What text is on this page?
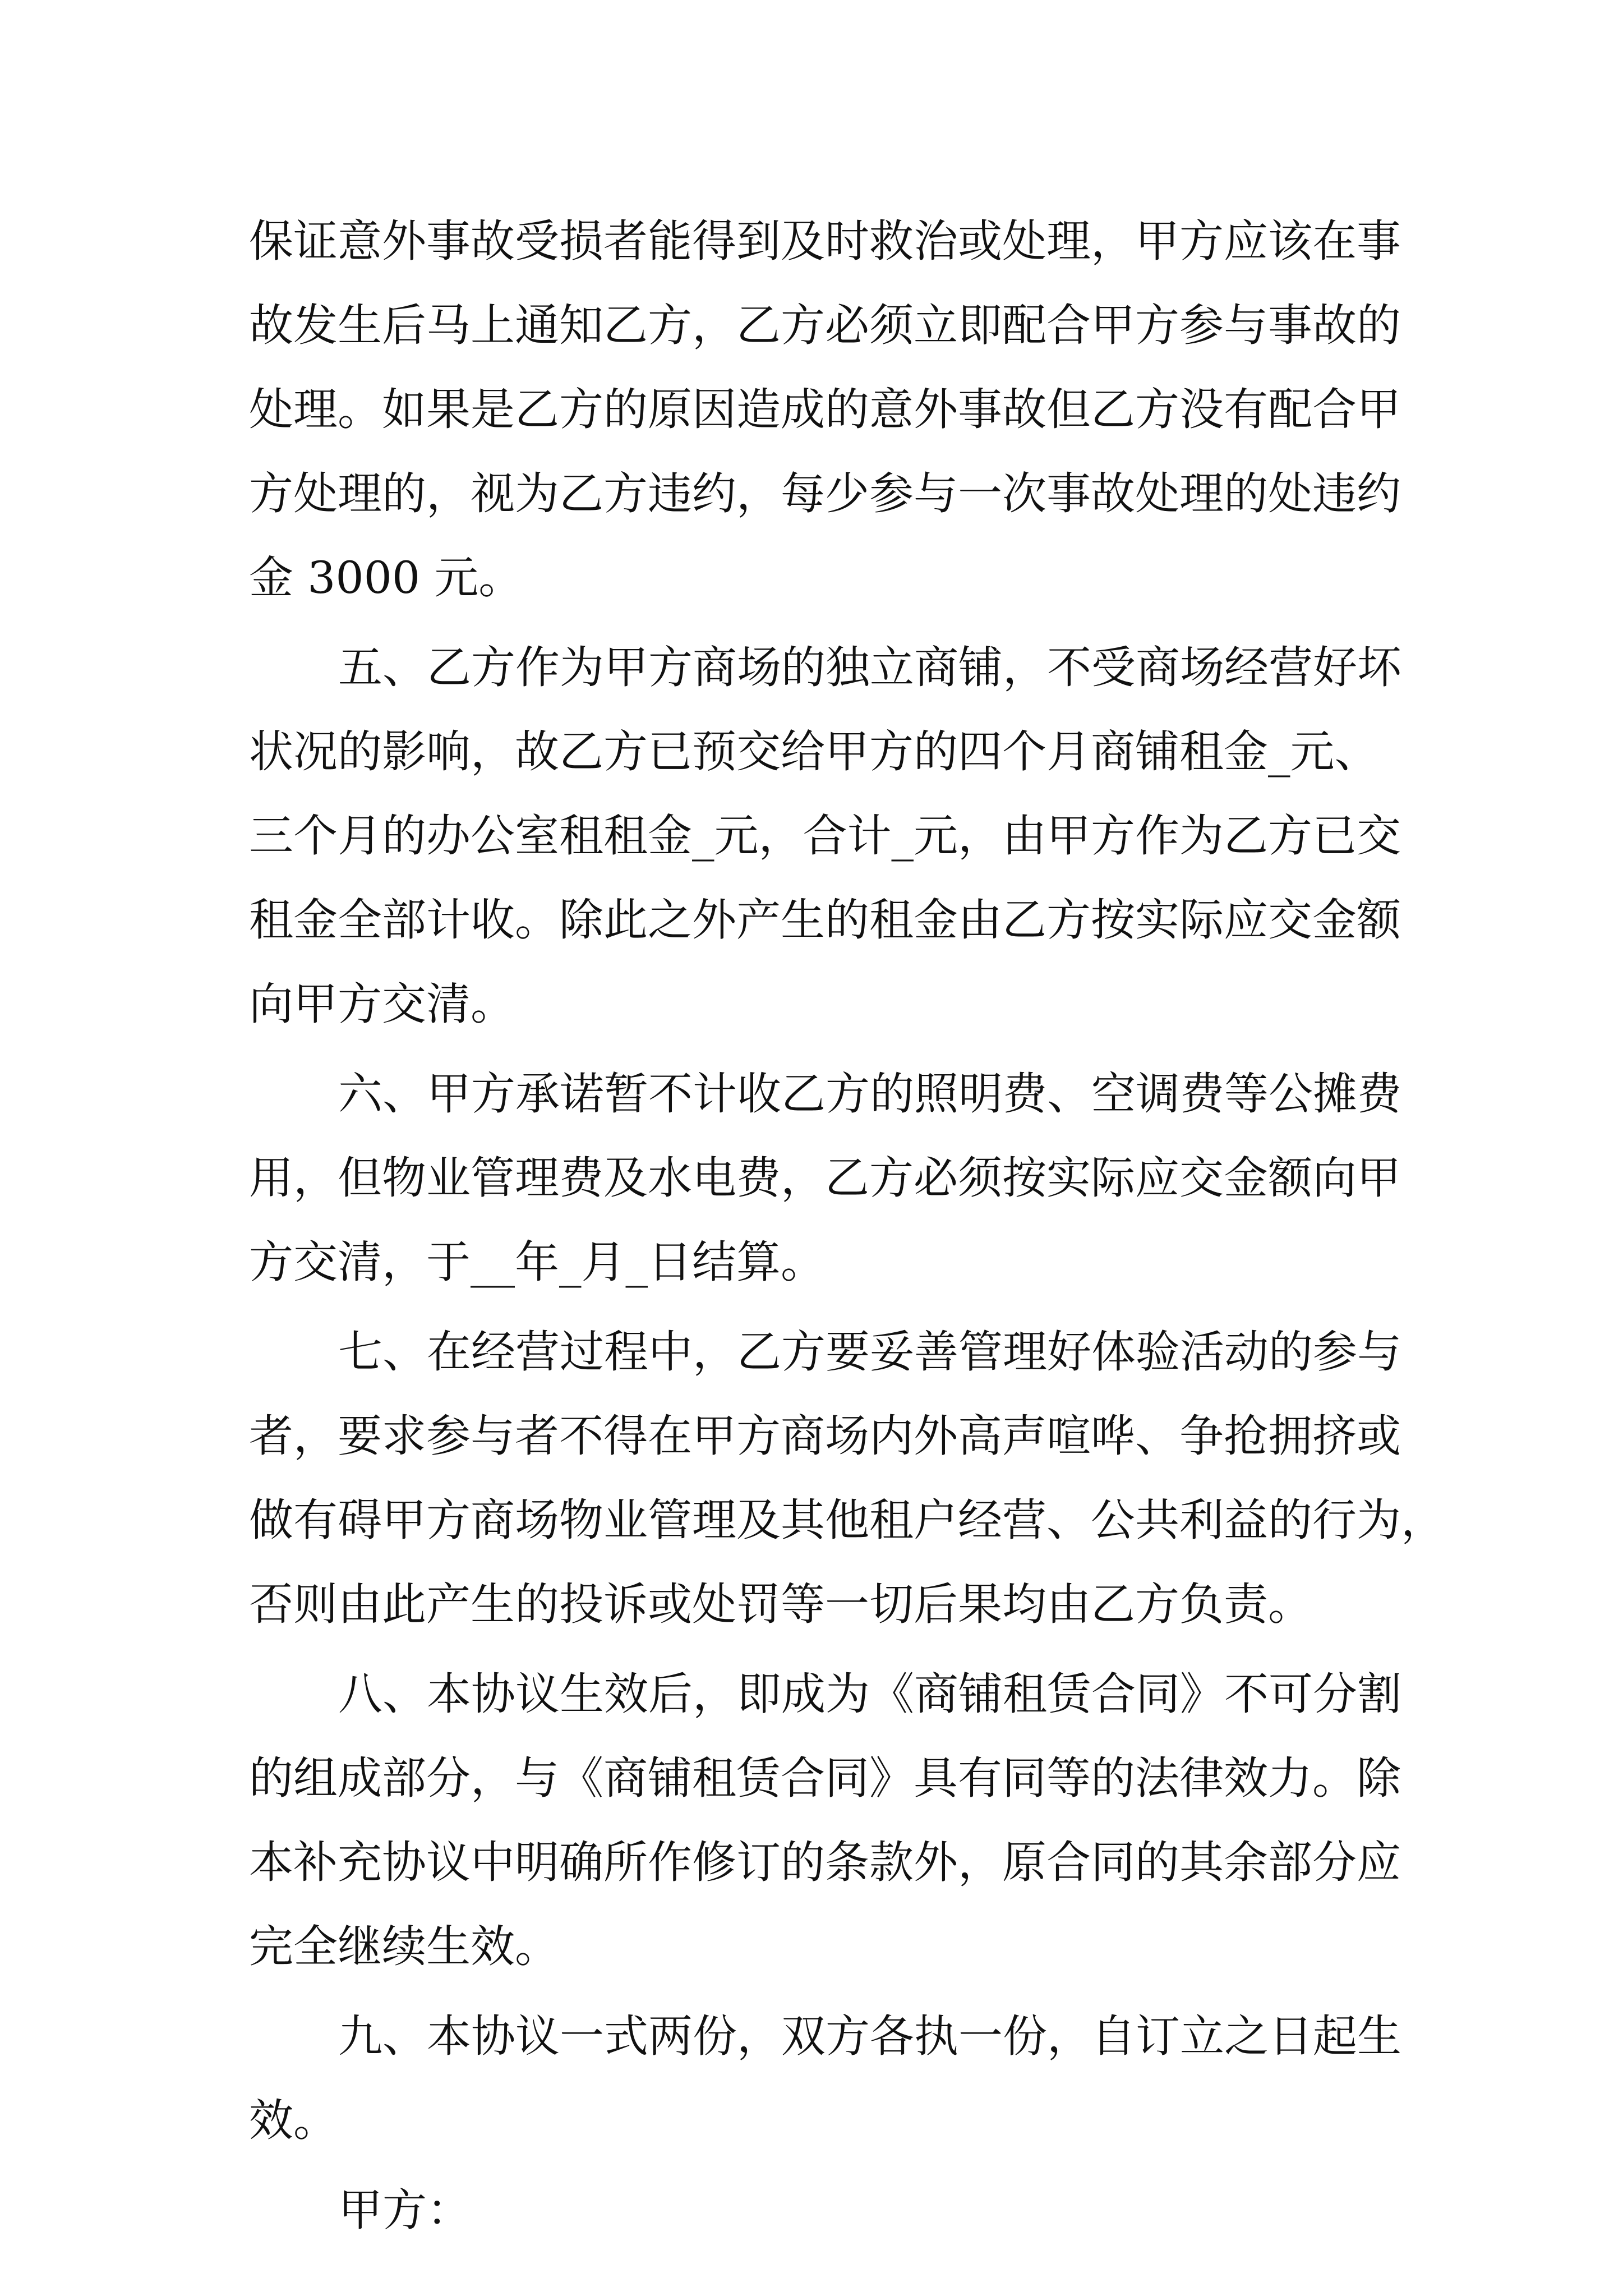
保证意外事故受损者能得到及时救治或处理，甲方应该在事

故发生后马上通知乙方，乙方必须立即配合甲方参与事故的

处理。如果是乙方的原因造成的意外事故但乙方没有配合甲

方处理的，视为乙方违约，每少参与一次事故处理的处违约

金 3000 元。

五、乙方作为甲方商场的独立商铺，不受商场经营好坏

状况的影响，故乙方已预交给甲方的四个月商铺租金_元、

三个月的办公室租租金_元，合计_元，由甲方作为乙方已交

租金全部计收。除此之外产生的租金由乙方按实际应交金额

向甲方交清。

六、甲方承诺暂不计收乙方的照明费、空调费等公摊费

用，但物业管理费及水电费，乙方必须按实际应交金额向甲

方交清，于__年_月_日结算。

七、在经营过程中，乙方要妥善管理好体验活动的参与

者，要求参与者不得在甲方商场内外高声喧哗、争抢拥挤或

做有碍甲方商场物业管理及其他租户经营、公共利益的行为，

否则由此产生的投诉或处罚等一切后果均由乙方负责。

八、本协议生效后，即成为《商铺租赁合同》不可分割

的组成部分，与《商铺租赁合同》具有同等的法律效力。除

本补充协议中明确所作修订的条款外，原合同的其余部分应

完全继续生效。

九、本协议一式两份，双方各执一份，自订立之日起生

效。

甲方：
